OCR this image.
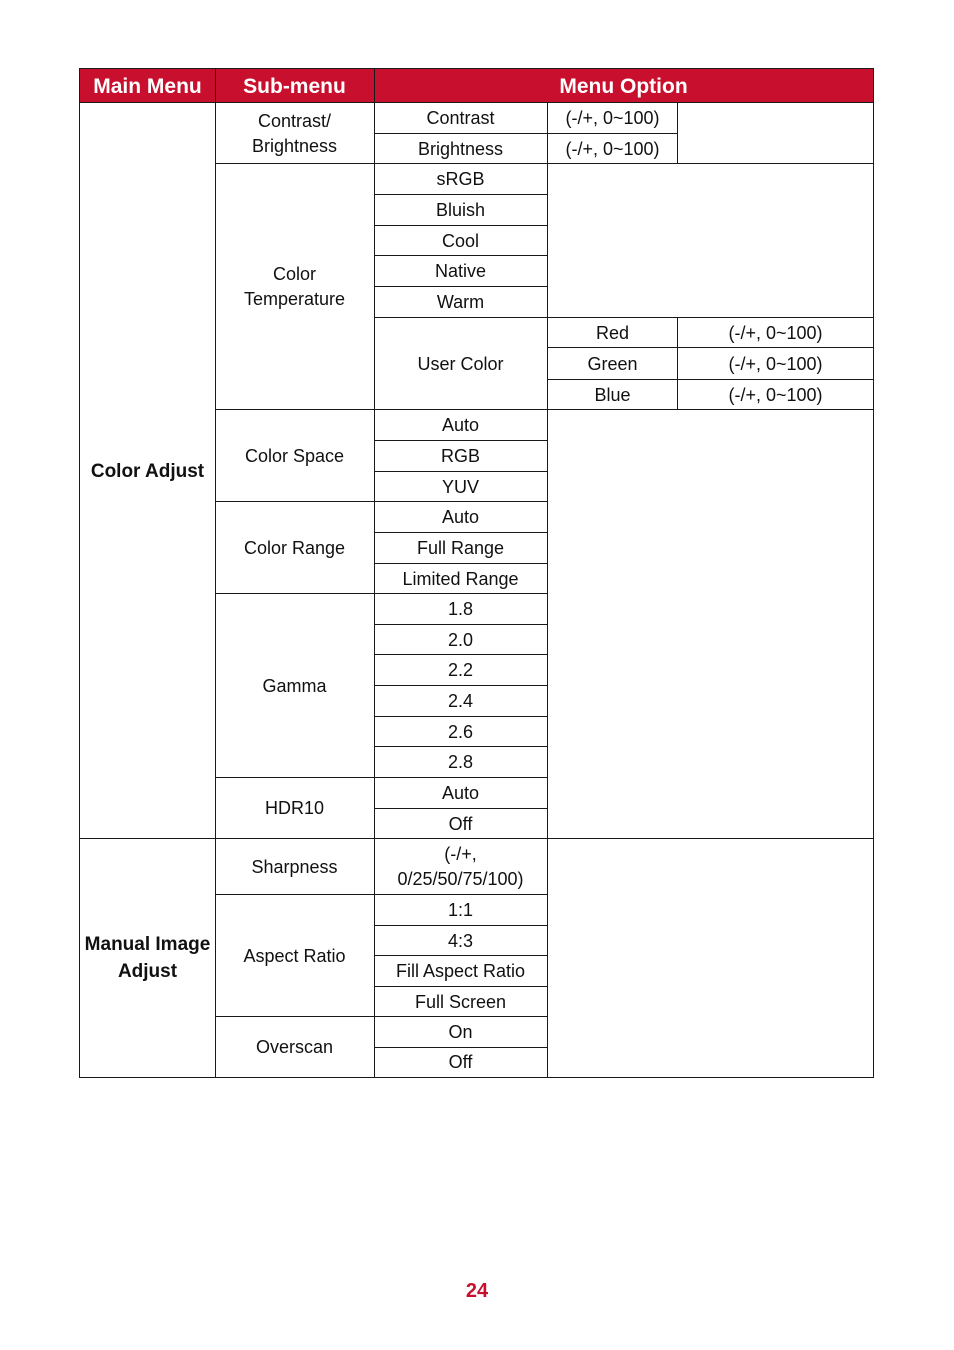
Main Menu	Sub-menu	Menu Option
Color Adjust
Manual Image Adjust
Contrast/ Brightness
Color Temperature
Color Space
Color Range
Gamma
HDR10
Sharpness
Aspect Ratio
Overscan
Contrast
Brightness
(-/+, 0~100)
(-/+, 0~100)
sRGB
Bluish
Cool
Native
Warm
User Color
Red
Green
Blue
(-/+, 0~100)
(-/+, 0~100)
(-/+, 0~100)
Auto
RGB
YUV
Auto
Full Range
Limited Range
1.8
2.0
2.2
2.4
2.6
2.8
Auto
Off
(-/+, 0/25/50/75/100)
1:1
4:3
Fill Aspect Ratio
Full Screen
On
Off
24
